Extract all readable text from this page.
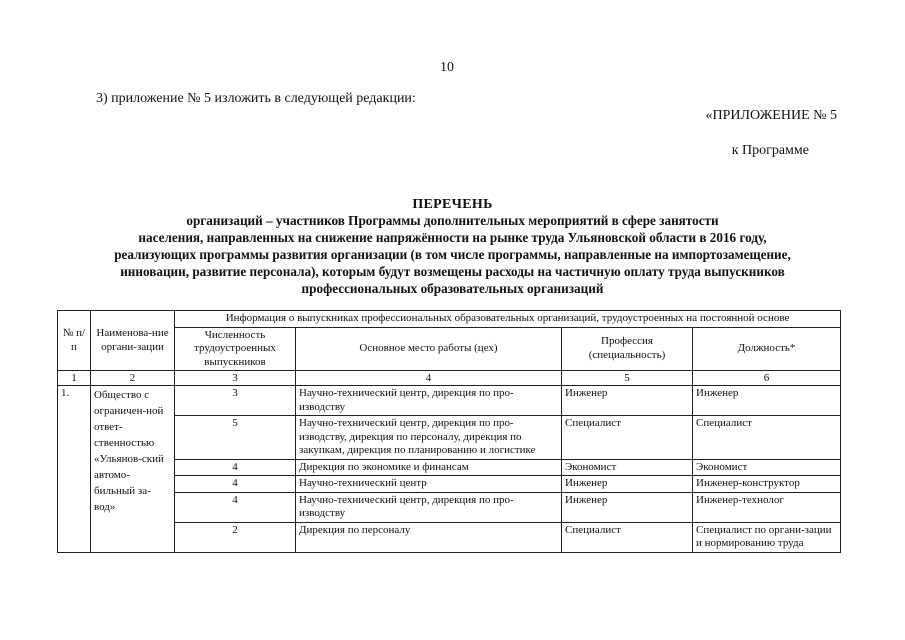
10
3) приложение № 5 изложить в следующей редакции:
«ПРИЛОЖЕНИЕ № 5
к Программе
ПЕРЕЧЕНЬ
организаций – участников Программы дополнительных мероприятий в сфере занятости
населения, направленных на снижение напряжённости на рынке труда Ульяновской области в 2016 году,
реализующих программы развития организации (в том числе программы, направленные на импортозамещение,
инновации, развитие персонала), которым будут возмещены расходы на частичную оплату труда выпускников
профессиональных образовательных организаций
№ п/п	Наименова-ние органи-зации	Информация о выпускниках профессиональных образовательных организаций, трудоустроенных на постоянной основе			
		Численность трудоустроенных выпускников	Основное место работы (цех)	Профессия (специальность)	Должность*
1	2	3	4	5	6
1.	Общество с ограничен-ной ответ-ственностью «Ульянов-ский автомо-бильный за-вод»	3	Научно-технический центр, дирекция по про-изводству	Инженер	Инженер
		5	Научно-технический центр, дирекция по про-изводству, дирекция по персоналу, дирекция по закупкам, дирекция по планированию и логистике	Специалист	Специалист
		4	Дирекция по экономике и финансам	Экономист	Экономист
		4	Научно-технический центр	Инженер	Инженер-конструктор
		4	Научно-технический центр, дирекция по про-изводству	Инженер	Инженер-технолог
		2	Дирекция по персоналу	Специалист	Специалист по органи-зации и нормированию труда
